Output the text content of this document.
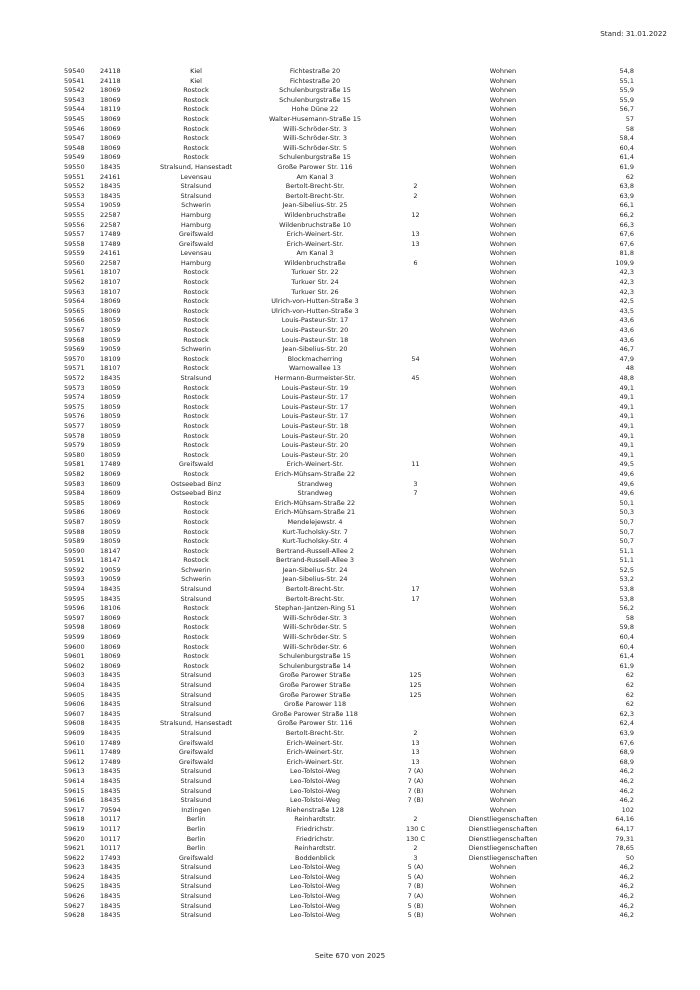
Stand: 31.01.2022
59540	24118	Kiel	Fichtestraße 20		Wohnen	54,8
59541	24118	Kiel	Fichtestraße 20		Wohnen	55,1
59542	18069	Rostock	Schulenburgstraße 15		Wohnen	55,9
59543	18069	Rostock	Schulenburgstraße 15		Wohnen	55,9
59544	18119	Rostock	Hohe Düne 22		Wohnen	56,7
59545	18069	Rostock	Walter-Husemann-Straße 15		Wohnen	57
59546	18069	Rostock	Willi-Schröder-Str. 3		Wohnen	58
59547	18069	Rostock	Willi-Schröder-Str. 3		Wohnen	58,4
59548	18069	Rostock	Willi-Schröder-Str. 5		Wohnen	60,4
59549	18069	Rostock	Schulenburgstraße 15		Wohnen	61,4
59550	18435	Stralsund, Hansestadt	Große Parower Str. 116		Wohnen	61,9
59551	24161	Levensau	Am Kanal 3		Wohnen	62
59552	18435	Stralsund	Bertolt-Brecht-Str.	2	Wohnen	63,8
59553	18435	Stralsund	Bertolt-Brecht-Str.	2	Wohnen	63,9
59554	19059	Schwerin	Jean-Sibelius-Str. 25		Wohnen	66,1
59555	22587	Hamburg	Wildenbruchstraße	12	Wohnen	66,2
59556	22587	Hamburg	Wildenbruchstraße 10		Wohnen	66,3
59557	17489	Greifswald	Erich-Weinert-Str.	13	Wohnen	67,6
59558	17489	Greifswald	Erich-Weinert-Str.	13	Wohnen	67,6
59559	24161	Levensau	Am Kanal 3		Wohnen	81,8
59560	22587	Hamburg	Wildenbruchstraße	6	Wohnen	109,9
59561	18107	Rostock	Turkuer Str. 22		Wohnen	42,3
59562	18107	Rostock	Turkuer Str. 24		Wohnen	42,3
59563	18107	Rostock	Turkuer Str. 26		Wohnen	42,3
59564	18069	Rostock	Ulrich-von-Hutten-Straße 3		Wohnen	42,5
59565	18069	Rostock	Ulrich-von-Hutten-Straße 3		Wohnen	43,5
59566	18059	Rostock	Louis-Pasteur-Str. 17		Wohnen	43,6
59567	18059	Rostock	Louis-Pasteur-Str. 20		Wohnen	43,6
59568	18059	Rostock	Louis-Pasteur-Str. 18		Wohnen	43,6
59569	19059	Schwerin	Jean-Sibelius-Str. 20		Wohnen	46,7
59570	18109	Rostock	Blockmacherring	54	Wohnen	47,9
59571	18107	Rostock	Warnowallee 13		Wohnen	48
59572	18435	Stralsund	Hermann-Burmeister-Str.	45	Wohnen	48,8
59573	18059	Rostock	Louis-Pasteur-Str. 19		Wohnen	49,1
59574	18059	Rostock	Louis-Pasteur-Str. 17		Wohnen	49,1
59575	18059	Rostock	Louis-Pasteur-Str. 17		Wohnen	49,1
59576	18059	Rostock	Louis-Pasteur-Str. 17		Wohnen	49,1
59577	18059	Rostock	Louis-Pasteur-Str. 18		Wohnen	49,1
59578	18059	Rostock	Louis-Pasteur-Str. 20		Wohnen	49,1
59579	18059	Rostock	Louis-Pasteur-Str. 20		Wohnen	49,1
59580	18059	Rostock	Louis-Pasteur-Str. 20		Wohnen	49,1
59581	17489	Greifswald	Erich-Weinert-Str.	11	Wohnen	49,5
59582	18069	Rostock	Erich-Mühsam-Straße 22		Wohnen	49,6
59583	18609	Ostseebad Binz	Strandweg	3	Wohnen	49,6
59584	18609	Ostseebad Binz	Strandweg	7	Wohnen	49,6
59585	18069	Rostock	Erich-Mühsam-Straße 22		Wohnen	50,1
59586	18069	Rostock	Erich-Mühsam-Straße 21		Wohnen	50,3
59587	18059	Rostock	Mendelejewstr. 4		Wohnen	50,7
59588	18059	Rostock	Kurt-Tucholsky-Str. 7		Wohnen	50,7
59589	18059	Rostock	Kurt-Tucholsky-Str. 4		Wohnen	50,7
59590	18147	Rostock	Bertrand-Russell-Allee 2		Wohnen	51,1
59591	18147	Rostock	Bertrand-Russell-Allee 3		Wohnen	51,1
59592	19059	Schwerin	Jean-Sibelius-Str. 24		Wohnen	52,5
59593	19059	Schwerin	Jean-Sibelius-Str. 24		Wohnen	53,2
59594	18435	Stralsund	Bertolt-Brecht-Str.	17	Wohnen	53,8
59595	18435	Stralsund	Bertolt-Brecht-Str.	17	Wohnen	53,8
59596	18106	Rostock	Stephan-Jantzen-Ring 51		Wohnen	56,2
59597	18069	Rostock	Willi-Schröder-Str. 3		Wohnen	58
59598	18069	Rostock	Willi-Schröder-Str. 5		Wohnen	59,8
59599	18069	Rostock	Willi-Schröder-Str. 5		Wohnen	60,4
59600	18069	Rostock	Willi-Schröder-Str. 6		Wohnen	60,4
59601	18069	Rostock	Schulenburgstraße 15		Wohnen	61,4
59602	18069	Rostock	Schulenburgstraße 14		Wohnen	61,9
59603	18435	Stralsund	Große Parower Straße	125	Wohnen	62
59604	18435	Stralsund	Große Parower Straße	125	Wohnen	62
59605	18435	Stralsund	Große Parower Straße	125	Wohnen	62
59606	18435	Stralsund	Große Parower 118		Wohnen	62
59607	18435	Stralsund	Große Parower Straße 118		Wohnen	62,3
59608	18435	Stralsund, Hansestadt	Große Parower Str. 116		Wohnen	62,4
59609	18435	Stralsund	Bertolt-Brecht-Str.	2	Wohnen	63,9
59610	17489	Greifswald	Erich-Weinert-Str.	13	Wohnen	67,6
59611	17489	Greifswald	Erich-Weinert-Str.	13	Wohnen	68,9
59612	17489	Greifswald	Erich-Weinert-Str.	13	Wohnen	68,9
59613	18435	Stralsund	Leo-Tolstoi-Weg	7 (A)	Wohnen	46,2
59614	18435	Stralsund	Leo-Tolstoi-Weg	7 (A)	Wohnen	46,2
59615	18435	Stralsund	Leo-Tolstoi-Weg	7 (B)	Wohnen	46,2
59616	18435	Stralsund	Leo-Tolstoi-Weg	7 (B)	Wohnen	46,2
59617	79594	Inzlingen	Riehenstraße 128		Wohnen	102
59618	10117	Berlin	Reinhardtstr.	2	Dienstliegenschaften	64,16
59619	10117	Berlin	Friedrichstr.	130 C	Dienstliegenschaften	64,17
59620	10117	Berlin	Friedrichstr.	130 C	Dienstliegenschaften	79,31
59621	10117	Berlin	Reinhardtstr.	2	Dienstliegenschaften	78,65
59622	17493	Greifswald	Boddenblick	3	Dienstliegenschaften	50
59623	18435	Stralsund	Leo-Tolstoi-Weg	5 (A)	Wohnen	46,2
59624	18435	Stralsund	Leo-Tolstoi-Weg	5 (A)	Wohnen	46,2
59625	18435	Stralsund	Leo-Tolstoi-Weg	7 (B)	Wohnen	46,2
59626	18435	Stralsund	Leo-Tolstoi-Weg	7 (A)	Wohnen	46,2
59627	18435	Stralsund	Leo-Tolstoi-Weg	5 (B)	Wohnen	46,2
59628	18435	Stralsund	Leo-Tolstoi-Weg	5 (B)	Wohnen	46,2
Seite 670 von 2025
